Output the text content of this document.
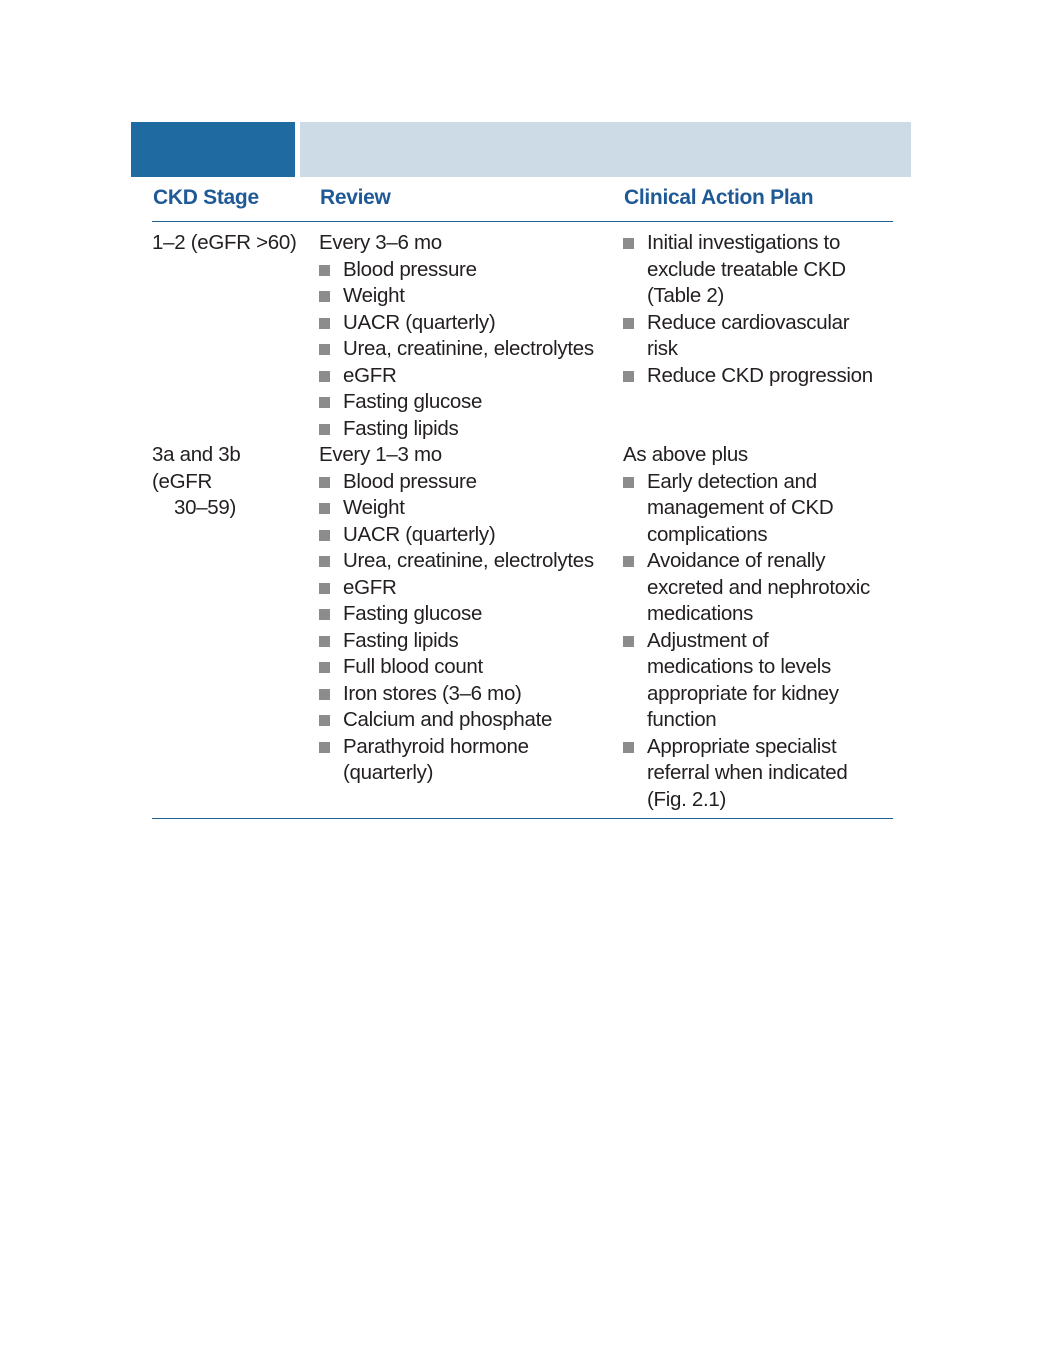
CKD Stage	Review	Clinical Action Plan
1–2 (eGFR >60) Every 3–6 mo
Blood pressure
Weight
UACR (quarterly)
Urea, creatinine, electrolytes
eGFR
Fasting glucose
Fasting lipids
Initial investigations to exclude treatable CKD (Table 2)
Reduce cardiovascular risk
Reduce CKD progression
3a and 3b (eGFR
30–59)
Every 1–3 mo
Blood pressure
Weight
UACR (quarterly)
Urea, creatinine, electrolytes
eGFR
Fasting glucose
Fasting lipids
Full blood count
Iron stores (3–6 mo)
Calcium and phosphate
Parathyroid hormone (quarterly)
As above plus
Early detection and management of CKD complications
Avoidance of renally excreted and nephrotoxic medications
Adjustment of medications to levels appropriate for kidney function
Appropriate specialist referral when indicated (Fig. 2.1)
